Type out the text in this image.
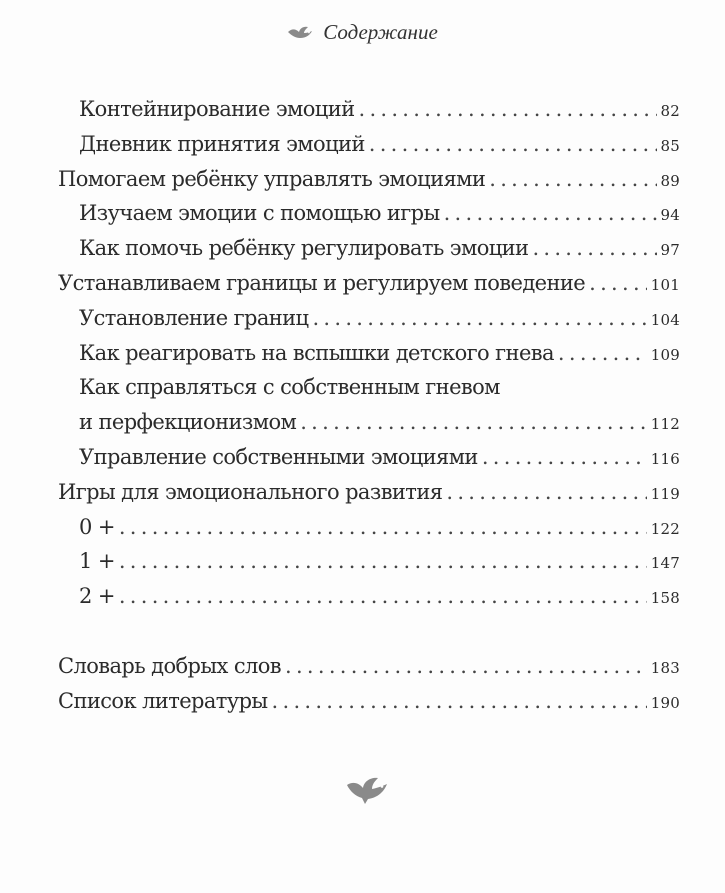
Содержание
Контейнирование эмоций . . .	82
Дневник принятия эмоций . . .	85
Помогаем ребёнку управлять эмоциями . . .	89
Изучаем эмоции с помощью игры . . .	94
Как помочь ребёнку регулировать эмоции . . .	97
Устанавливаем границы и регулируем поведение . . .	101
Установление границ . . .	104
Как реагировать на вспышки детского гнева . . .	109
Как справляться с собственным гневом
и перфекционизмом . . .	112
Управление собственными эмоциями . . .	116
Игры для эмоционального развития . . .	119
0 + . . .	122
1 + . . .	147
2 + . . .	158
Словарь добрых слов . . .	183
Список литературы . . .	190
